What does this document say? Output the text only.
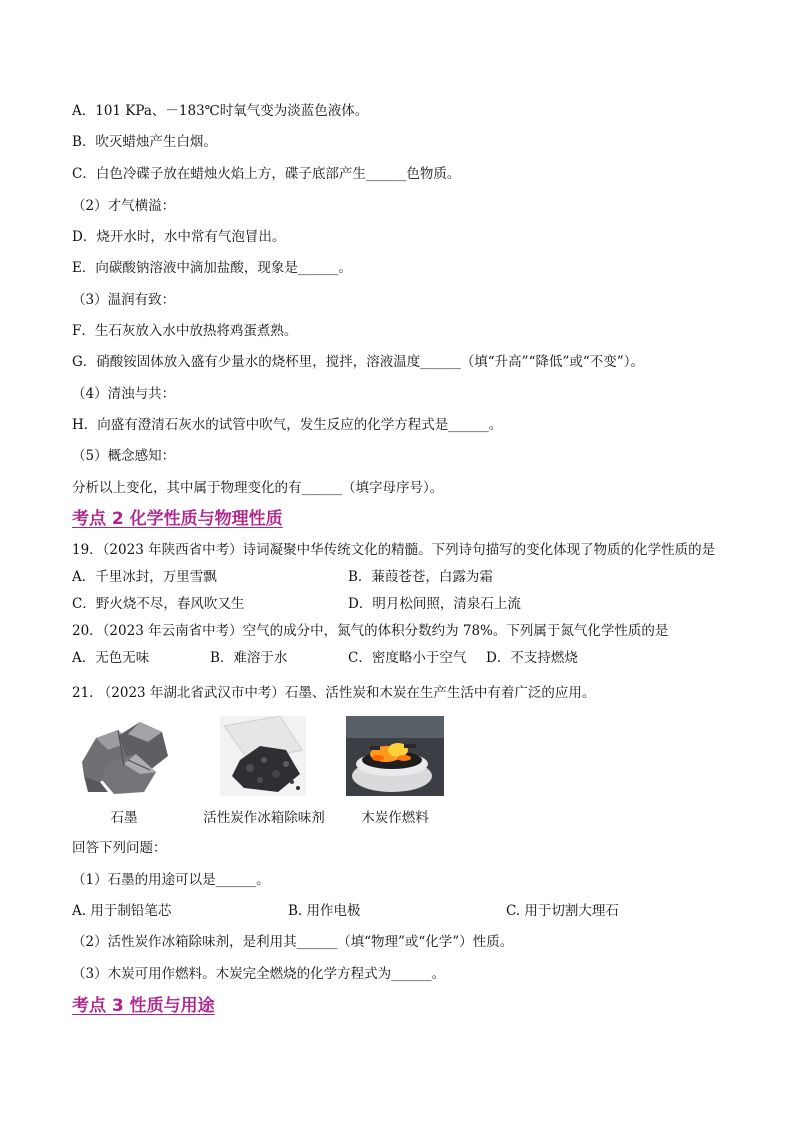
A．101 KPa、－183℃时氧气变为淡蓝色液体。
B．吹灭蜡烛产生白烟。
C．白色冷碟子放在蜡烛火焰上方，碟子底部产生______色物质。
（2）才气横溢：
D．烧开水时，水中常有气泡冒出。
E．向碳酸钠溶液中滴加盐酸，现象是______。
（3）温润有致：
F．生石灰放入水中放热将鸡蛋煮熟。
G．硝酸铵固体放入盛有少量水的烧杯里，搅拌，溶液温度______（填“升高”“降低”或“不变”）。
（4）清浊与共：
H．向盛有澄清石灰水的试管中吹气，发生反应的化学方程式是______。
（5）概念感知：
分析以上变化，其中属于物理变化的有______（填字母序号）。
考点 2 化学性质与物理性质
19．（2023 年陕西省中考）诗词凝聚中华传统文化的精髓。下列诗句描写的变化体现了物质的化学性质的是
A．千里冰封，万里雪飘	B．蒹葭苍苍，白露为霜
C．野火烧不尽，春风吹又生	D．明月松间照，清泉石上流
20．（2023 年云南省中考）空气的成分中，氮气的体积分数约为 78%。下列属于氮气化学性质的是
A．无色无味	B．难溶于水	C．密度略小于空气 D．不支持燃烧
21. （2023 年湖北省武汉市中考）石墨、活性炭和木炭在生产生活中有着广泛的应用。
石墨	活性炭作冰箱除味剂	木炭作燃料
回答下列问题：
（1）石墨的用途可以是______。
A. 用于制铅笔芯	B. 用作电极	C. 用于切割大理石
（2）活性炭作冰箱除味剂，是利用其______（填“物理”或“化学”）性质。
（3）木炭可用作燃料。木炭完全燃烧的化学方程式为______。
考点 3 性质与用途
